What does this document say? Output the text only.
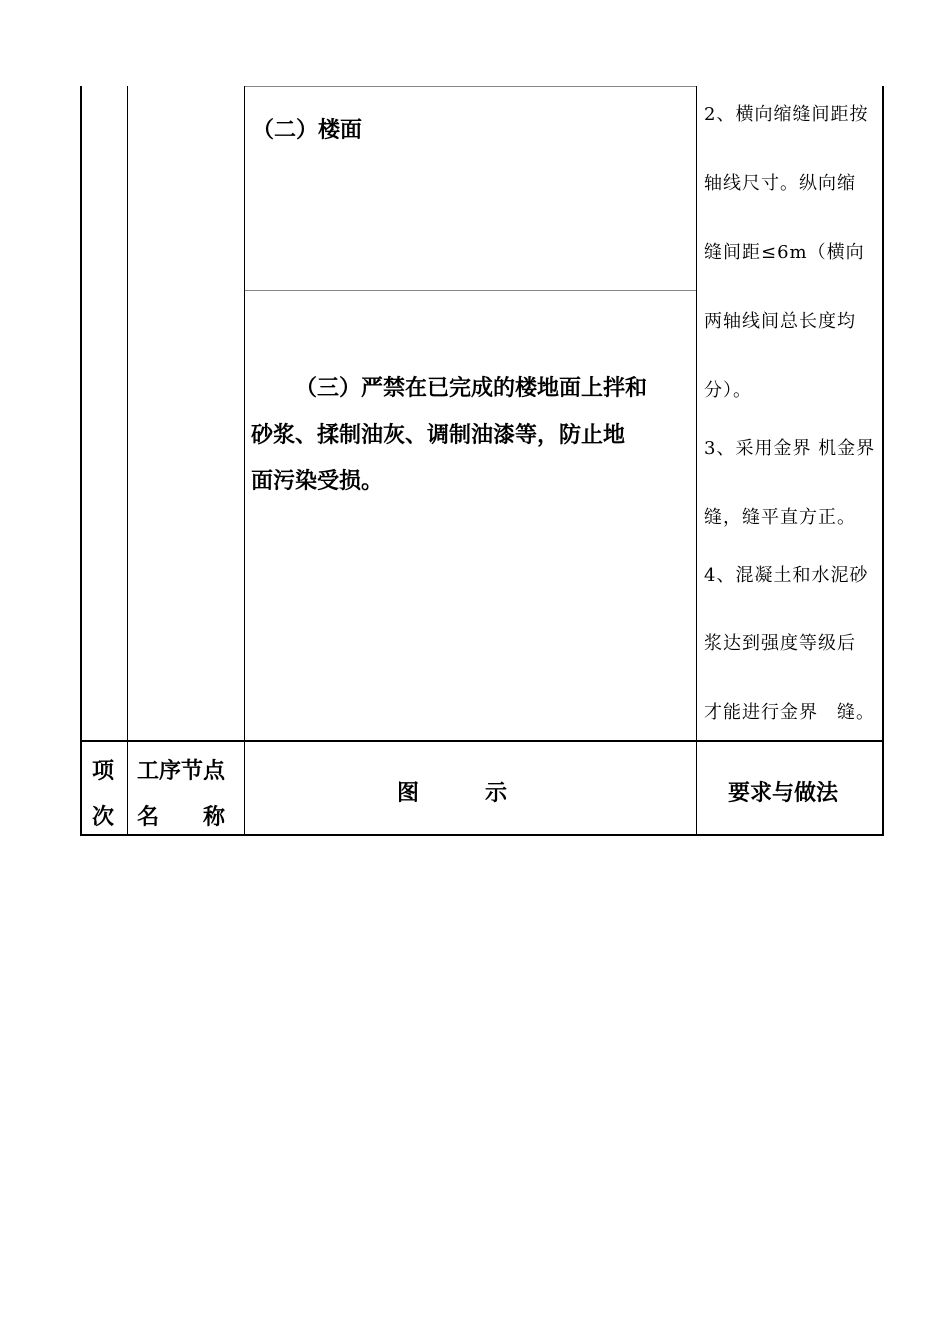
（二）楼面
（三）严禁在已完成的楼地面上拌和
砂浆、揉制油灰、调制油漆等，防止地
面污染受损。
2、横向缩缝间距按
轴线尺寸。纵向缩
缝间距≤6m（横向
两轴线间总长度均
分）。
3、采用金界 机金界
缝，缝平直方正。
4、混凝土和水泥砂
浆达到强度等级后
才能进行金界　缝。
项
次
工序节点
名　　称
图　　　示	要求与做法
